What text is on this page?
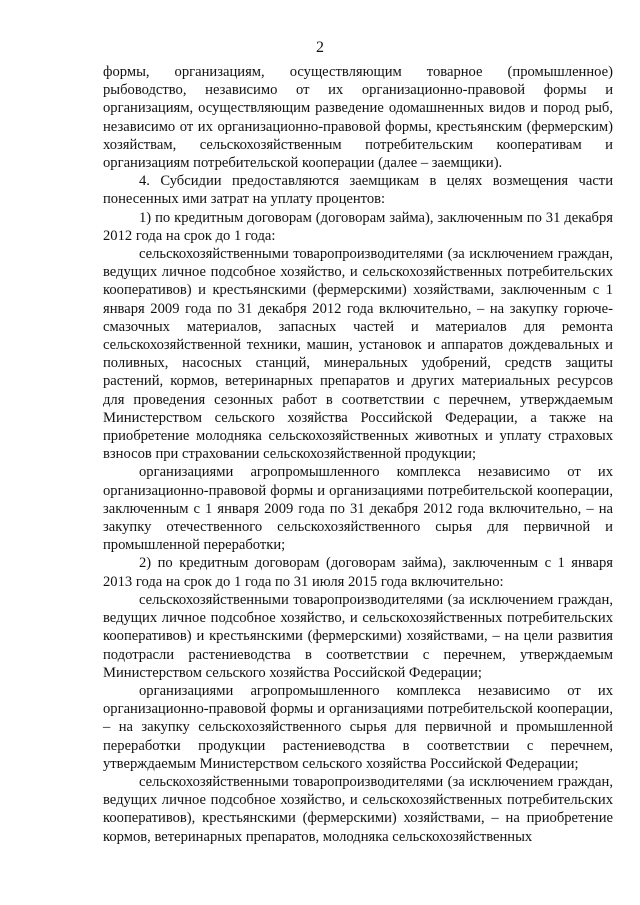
2

формы, организациям, осуществляющим товарное (промышленное) рыбоводство, независимо от их организационно-правовой формы и организациям, осуществляющим разведение одомашненных видов и пород рыб, независимо от их организационно-правовой формы, крестьянским (фермерским) хозяйствам, сельскохозяйственным потребительским кооперативам и организациям потребительской кооперации (далее – заемщики).

4. Субсидии предоставляются заемщикам в целях возмещения части понесенных ими затрат на уплату процентов:

1) по кредитным договорам (договорам займа), заключенным по 31 декабря 2012 года на срок до 1 года:

сельскохозяйственными товаропроизводителями (за исключением граждан, ведущих личное подсобное хозяйство, и сельскохозяйственных потребительских кооперативов) и крестьянскими (фермерскими) хозяйствами, заключенным с 1 января 2009 года по 31 декабря 2012 года включительно, – на закупку горюче-смазочных материалов, запасных частей и материалов для ремонта сельскохозяйственной техники, машин, установок и аппаратов дождевальных и поливных, насосных станций, минеральных удобрений, средств защиты растений, кормов, ветеринарных препаратов и других материальных ресурсов для проведения сезонных работ в соответствии с перечнем, утверждаемым Министерством сельского хозяйства Российской Федерации, а также на приобретение молодняка сельскохозяйственных животных и уплату страховых взносов при страховании сельскохозяйственной продукции;

организациями агропромышленного комплекса независимо от их организационно-правовой формы и организациями потребительской кооперации, заключенным с 1 января 2009 года по 31 декабря 2012 года включительно, – на закупку отечественного сельскохозяйственного сырья для первичной и промышленной переработки;

2) по кредитным договорам (договорам займа), заключенным с 1 января 2013 года на срок до 1 года по 31 июля 2015 года включительно:

сельскохозяйственными товаропроизводителями (за исключением граждан, ведущих личное подсобное хозяйство, и сельскохозяйственных потребительских кооперативов) и крестьянскими (фермерскими) хозяйствами, – на цели развития подотрасли растениеводства в соответствии с перечнем, утверждаемым Министерством сельского хозяйства Российской Федерации;

организациями агропромышленного комплекса независимо от их организационно-правовой формы и организациями потребительской кооперации, – на закупку сельскохозяйственного сырья для первичной и промышленной переработки продукции растениеводства в соответствии с перечнем, утверждаемым Министерством сельского хозяйства Российской Федерации;

сельскохозяйственными товаропроизводителями (за исключением граждан, ведущих личное подсобное хозяйство, и сельскохозяйственных потребительских кооперативов), крестьянскими (фермерскими) хозяйствами, – на приобретение кормов, ветеринарных препаратов, молодняка сельскохозяйственных
